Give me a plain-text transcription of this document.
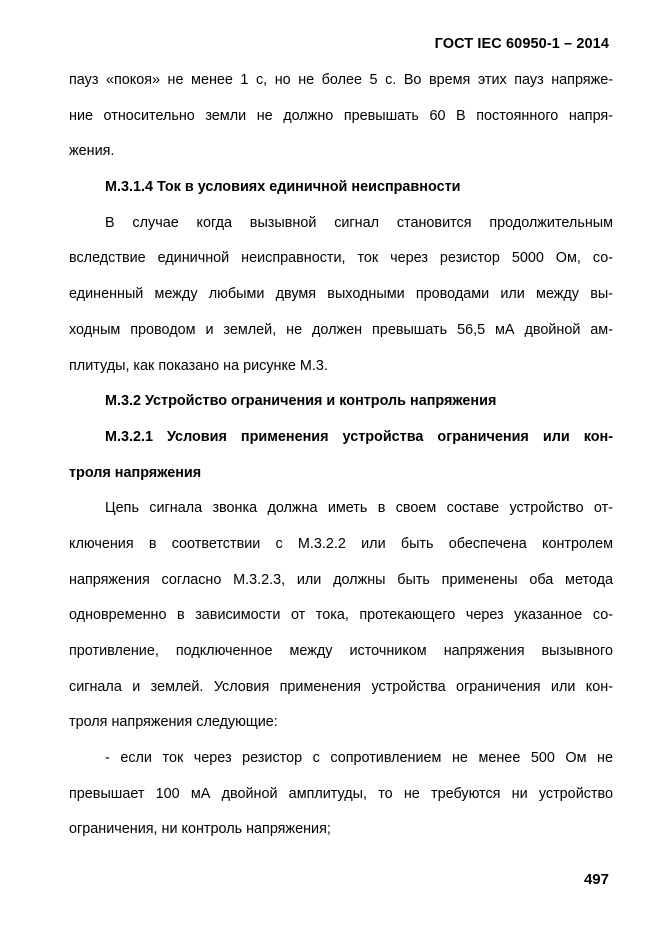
ГОСТ IEC 60950-1 – 2014
пауз «покоя» не менее 1 с, но не более 5 с. Во время этих пауз напряже-
ние относительно земли не должно превышать 60 В постоянного напря-
жения.
М.3.1.4 Ток в условиях единичной неисправности
В случае когда вызывной сигнал становится продолжительным
вследствие единичной неисправности, ток через резистор 5000 Ом, со-
единенный между любыми двумя выходными проводами или между вы-
ходным проводом и землей, не должен превышать 56,5 мА двойной ам-
плитуды, как показано на рисунке М.3.
М.3.2 Устройство ограничения и контроль напряжения
М.3.2.1 Условия применения устройства ограничения или кон-
троля напряжения
Цепь сигнала звонка должна иметь в своем составе устройство от-
ключения в соответствии с М.3.2.2 или быть обеспечена контролем
напряжения согласно М.3.2.3, или должны быть применены оба метода
одновременно в зависимости от тока, протекающего через указанное со-
противление, подключенное между источником напряжения вызывного
сигнала и землей. Условия применения устройства ограничения или кон-
троля напряжения следующие:
- если ток через резистор с сопротивлением не менее 500 Ом не
превышает 100 мА двойной амплитуды, то не требуются ни устройство
ограничения, ни контроль напряжения;
497
